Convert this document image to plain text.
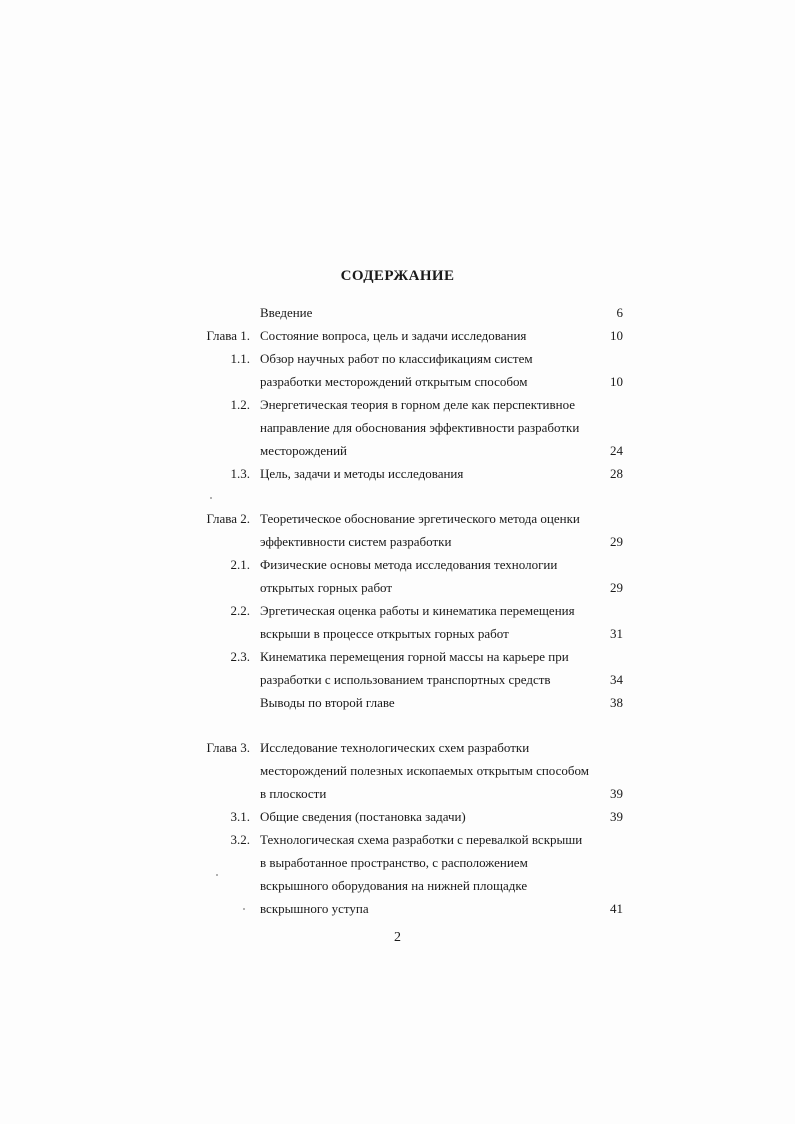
СОДЕРЖАНИЕ
Введение	6
Глава 1. Состояние вопроса, цель и задачи исследования	10
1.1. Обзор научных работ по классификациям систем
разработки месторождений открытым способом	10
1.2. Энергетическая теория в горном деле как перспективное
направление для обоснования эффективности разработки
месторождений	24
1.3. Цель, задачи и методы исследования	28
Глава 2. Теоретическое обоснование эргетического метода оценки
эффективности систем разработки	29
2.1. Физические основы метода исследования технологии
открытых горных работ	29
2.2. Эргетическая оценка работы и кинематика перемещения
вскрыши в процессе открытых горных работ	31
2.3. Кинематика перемещения горной массы на карьере при
разработки с использованием транспортных средств	34
Выводы по второй главе	38
Глава 3. Исследование технологических схем разработки
месторождений полезных ископаемых открытым способом
в плоскости	39
3.1. Общие сведения (постановка задачи)	39
3.2. Технологическая схема разработки с перевалкой вскрыши
в выработанное пространство, с расположением
вскрышного оборудования на нижней площадке
вскрышного уступа	41
2
